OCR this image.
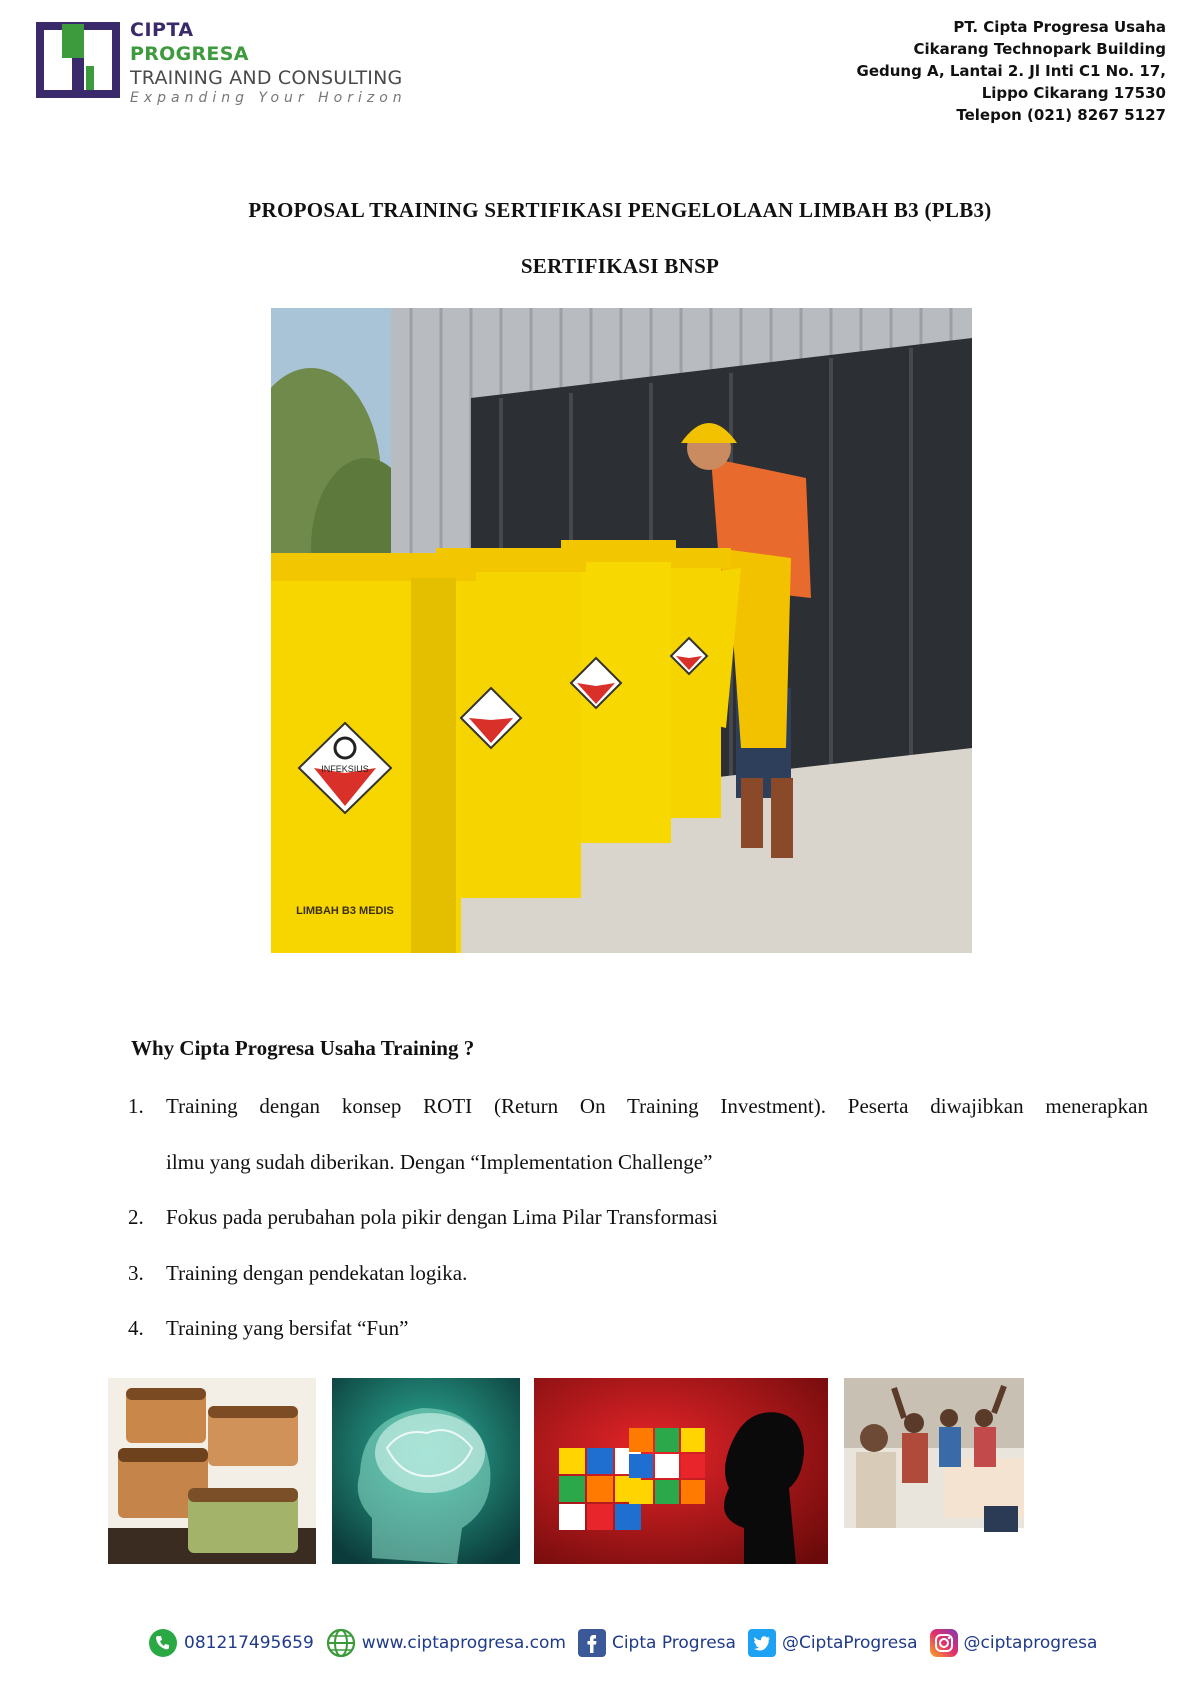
CIPTA
PROGRESA
TRAINING AND CONSULTING
Expanding Your Horizon
PT. Cipta Progresa Usaha
Cikarang Technopark Building
Gedung A, Lantai 2. Jl Inti C1 No. 17,
Lippo Cikarang 17530
Telepon (021) 8267 5127
PROPOSAL TRAINING SERTIFIKASI PENGELOLAAN LIMBAH B3 (PLB3)
SERTIFIKASI BNSP
INFEKSIUS
LIMBAH B3 MEDIS
Why Cipta Progresa Usaha Training ?
1. Training dengan konsep ROTI (Return On Training Investment). Peserta diwajibkan menerapkan
ilmu yang sudah diberikan. Dengan “Implementation Challenge”
2. Fokus pada perubahan pola pikir dengan Lima Pilar Transformasi
3. Training dengan pendekatan logika.
4. Training yang bersifat “Fun”
081217495659	www.ciptaprogresa.com	Cipta Progresa	@CiptaProgresa	@ciptaprogresa
